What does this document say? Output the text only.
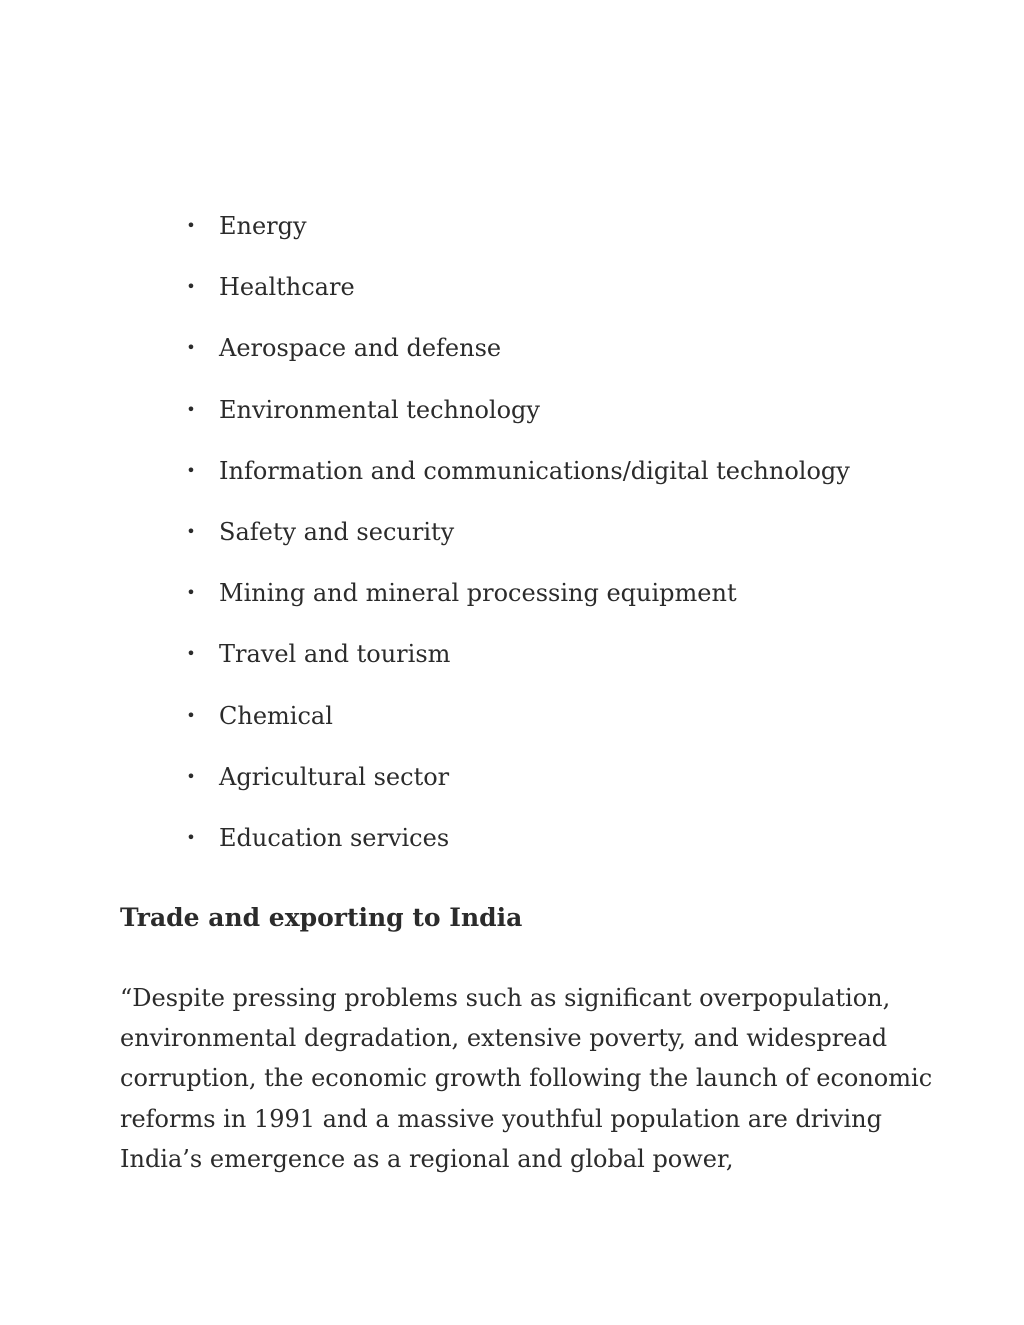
• Energy
• Healthcare
• Aerospace and defense
• Environmental technology
• Information and communications/digital technology
• Safety and security
• Mining and mineral processing equipment
• Travel and tourism
• Chemical
• Agricultural sector
• Education services
Trade and exporting to India

“Despite pressing problems such as significant overpopulation,
environmental degradation, extensive poverty, and widespread
corruption, the economic growth following the launch of economic
reforms in 1991 and a massive youthful population are driving
India’s emergence as a regional and global power,
